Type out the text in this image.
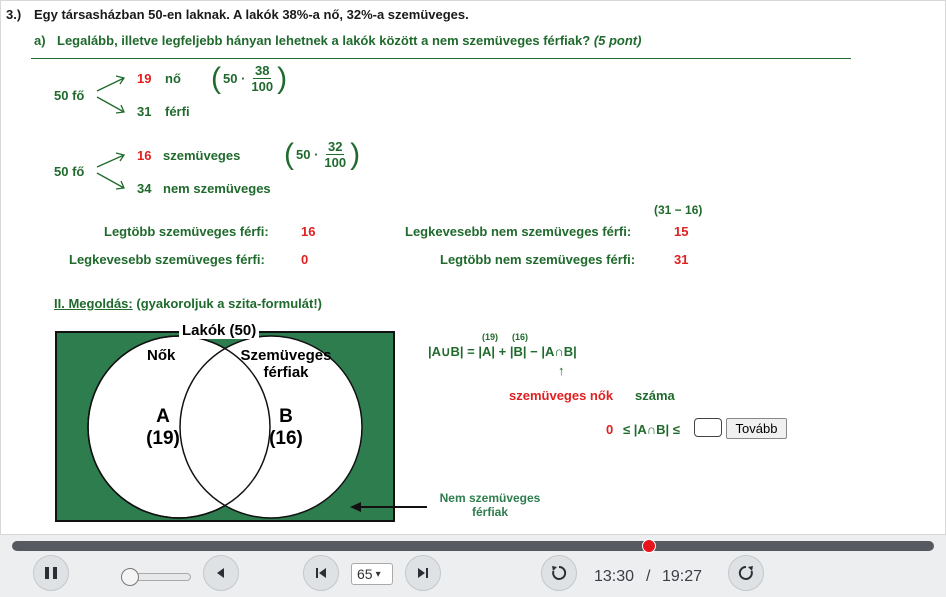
3.) Egy társasházban 50-en laknak. A lakók 38%-a nő, 32%-a szemüveges.
a) Legalább, illetve legfeljebb hányan lehetnek a lakók között a nem szemüveges férfiak? (5 pont)
50 fő
19 nő
31 férfi
( $50 \cdot \frac{38}{100}$ )
50 fő
16 szemüveges
34 nem szemüveges
( $50 \cdot \frac{32}{100}$ )
(31 − 16)
Legtöbb szemüveges férfi: 16
Legkevesebb szemüveges férfi:	0
Legkevesebb nem szemüveges férfi:	15
Legtöbb nem szemüveges férfi:	31
II. Megoldás: (gyakoroljuk a szita-formulát!)
Lakók (50)
Nők	Szemüveges
férfiak
A
(19)
B
(16)
Nem szemüveges
férfiak
(19) (16)
|A∪B| = |A| + |B| − |A∩B|
↑
szemüveges nők száma
0 ≤ |A∩B| ≤	Tovább
65 ▾	13:30 / 19:27
